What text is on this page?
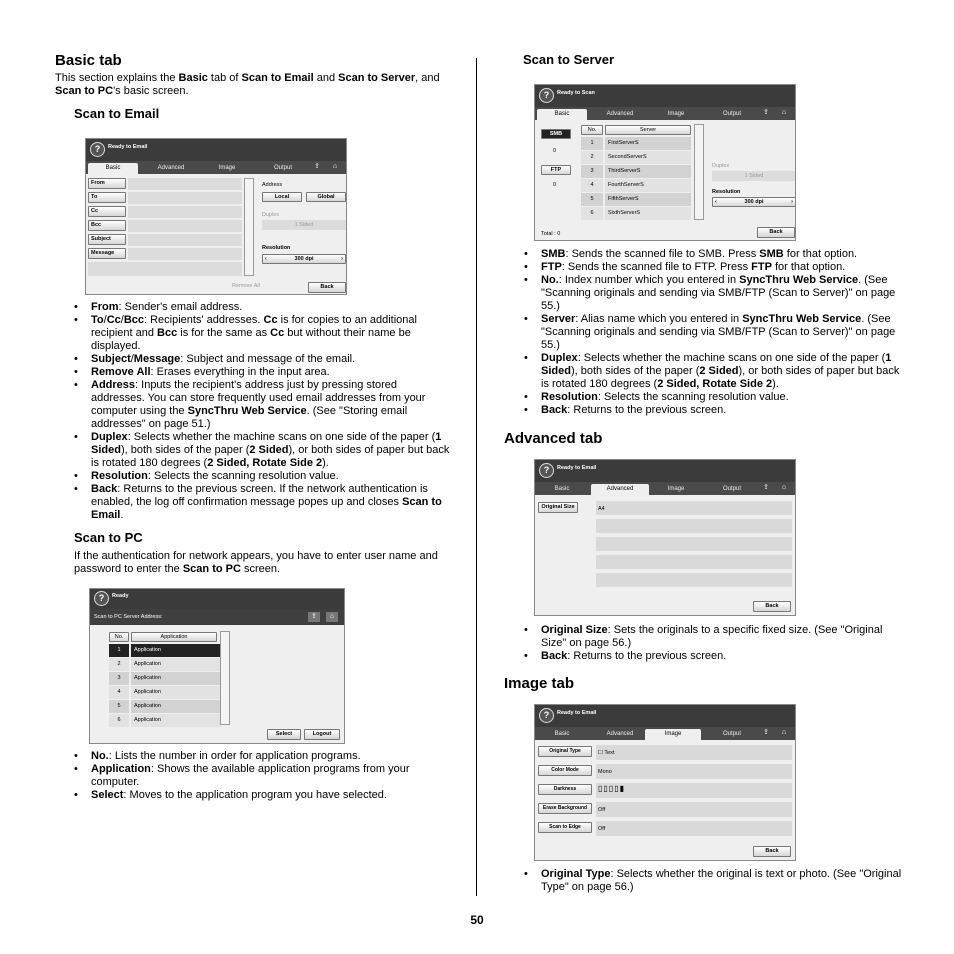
Basic tab

This section explains the Basic tab of Scan to Email and Scan to Server, and Scan to PC's basic screen.

Scan to Email
?	Ready to Email
Basic	Advanced	Image	Output	⇪	⌂
From
To
Cc
Bcc
Subject
Message
Remove All
Address
Local	Global
Duplex
1 Sided
Resolution
‹	300 dpi	›
Back
• From: Sender's email address.
• To/Cc/Bcc: Recipients' addresses. Cc is for copies to an additional recipient and Bcc is for the same as Cc but without their name be displayed.
• Subject/Message: Subject and message of the email.
• Remove All: Erases everything in the input area.
• Address: Inputs the recipient's address just by pressing stored addresses. You can store frequently used email addresses from your computer using the SyncThru Web Service. (See "Storing email addresses" on page 51.)
• Duplex: Selects whether the machine scans on one side of the paper (1 Sided), both sides of the paper (2 Sided), or both sides of paper but back is rotated 180 degrees (2 Sided, Rotate Side 2).
• Resolution: Selects the scanning resolution value.
• Back: Returns to the previous screen. If the network authentication is enabled, the log off confirmation message popes up and closes Scan to Email.
Scan to PC

If the authentication for network appears, you have to enter user name and password to enter the Scan to PC screen.

?	Ready
Scan to PC Server Address:	⇪	⌂
No.	Application
1	Application
2	Application
3	Application
4	Application
5	Application
6	Application
Select	Logout
• No.: Lists the number in order for application programs.
• Application: Shows the available application programs from your computer.
• Select: Moves to the application program you have selected.
Scan to Server
?	Ready to Scan
Basic	Advanced	Image	Output	⇪	⌂
SMB
0
FTP
0
No.	Server
1	FirstServerS
2	SecondServerS
3	ThirdServerS
4	FourthServerS
5	FifthServerS
6	SixthServerS
Duplex
1 Sided
Resolution
‹	300 dpi	›
Total : 0	Back
• SMB: Sends the scanned file to SMB. Press SMB for that option.
• FTP: Sends the scanned file to FTP. Press FTP for that option.
• No.: Index number which you entered in SyncThru Web Service. (See "Scanning originals and sending via SMB/FTP (Scan to Server)" on page 55.)
• Server: Alias name which you entered in SyncThru Web Service. (See "Scanning originals and sending via SMB/FTP (Scan to Server)" on page 55.)
• Duplex: Selects whether the machine scans on one side of the paper (1 Sided), both sides of the paper (2 Sided), or both sides of paper but back is rotated 180 degrees (2 Sided, Rotate Side 2).
• Resolution: Selects the scanning resolution value.
• Back: Returns to the previous screen.
Advanced tab
?	Ready to Email
Basic	Advanced	Image	Output	⇪	⌂
Original Size	A4
Back
• Original Size: Sets the originals to a specific fixed size. (See "Original Size" on page 56.)
• Back: Returns to the previous screen.
Image tab
?	Ready to Email
Basic	Advanced	Image	Output	⇪	⌂
Original Type	☐ Text
Color Mode	Mono
Darkness	▯▯▯▯▮
Erase Background	Off
Scan to Edge	Off
Back
• Original Type: Selects whether the original is text or photo. (See "Original Type" on page 56.)
50
